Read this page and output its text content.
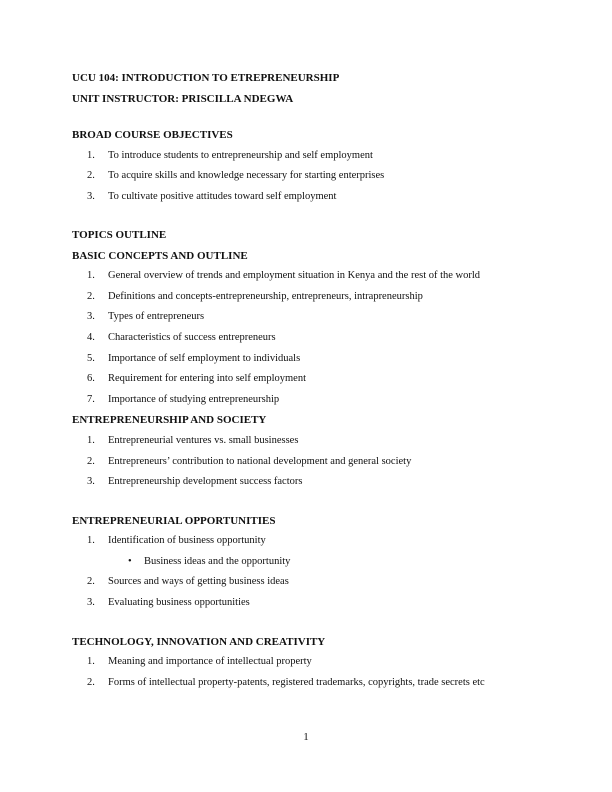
UCU 104: INTRODUCTION TO ETREPRENEURSHIP
UNIT INSTRUCTOR: PRISCILLA NDEGWA
BROAD COURSE OBJECTIVES
1.	To introduce students to entrepreneurship and self employment
2.	To acquire skills and knowledge necessary for starting enterprises
3.	To cultivate positive attitudes toward self employment
TOPICS OUTLINE
BASIC CONCEPTS AND OUTLINE
1.	General overview of trends and employment situation in Kenya and the rest of the world
2.	Definitions and concepts-entrepreneurship, entrepreneurs, intrapreneurship
3.	Types of entrepreneurs
4.	Characteristics of success entrepreneurs
5.	Importance of self employment to individuals
6.	Requirement for entering into self employment
7.	Importance of studying entrepreneurship
ENTREPRENEURSHIP AND SOCIETY
1.	Entrepreneurial ventures vs. small businesses
2.	Entrepreneurs’ contribution to national development and general society
3.	Entrepreneurship development success factors
ENTREPRENEURIAL OPPORTUNITIES
1.	Identification of business opportunity
• Business ideas and the opportunity
2.	Sources and ways of getting business ideas
3.	Evaluating business opportunities
TECHNOLOGY, INNOVATION AND CREATIVITY
1.	Meaning and importance of intellectual property
2.	Forms of intellectual property-patents, registered trademarks, copyrights, trade secrets etc
1
